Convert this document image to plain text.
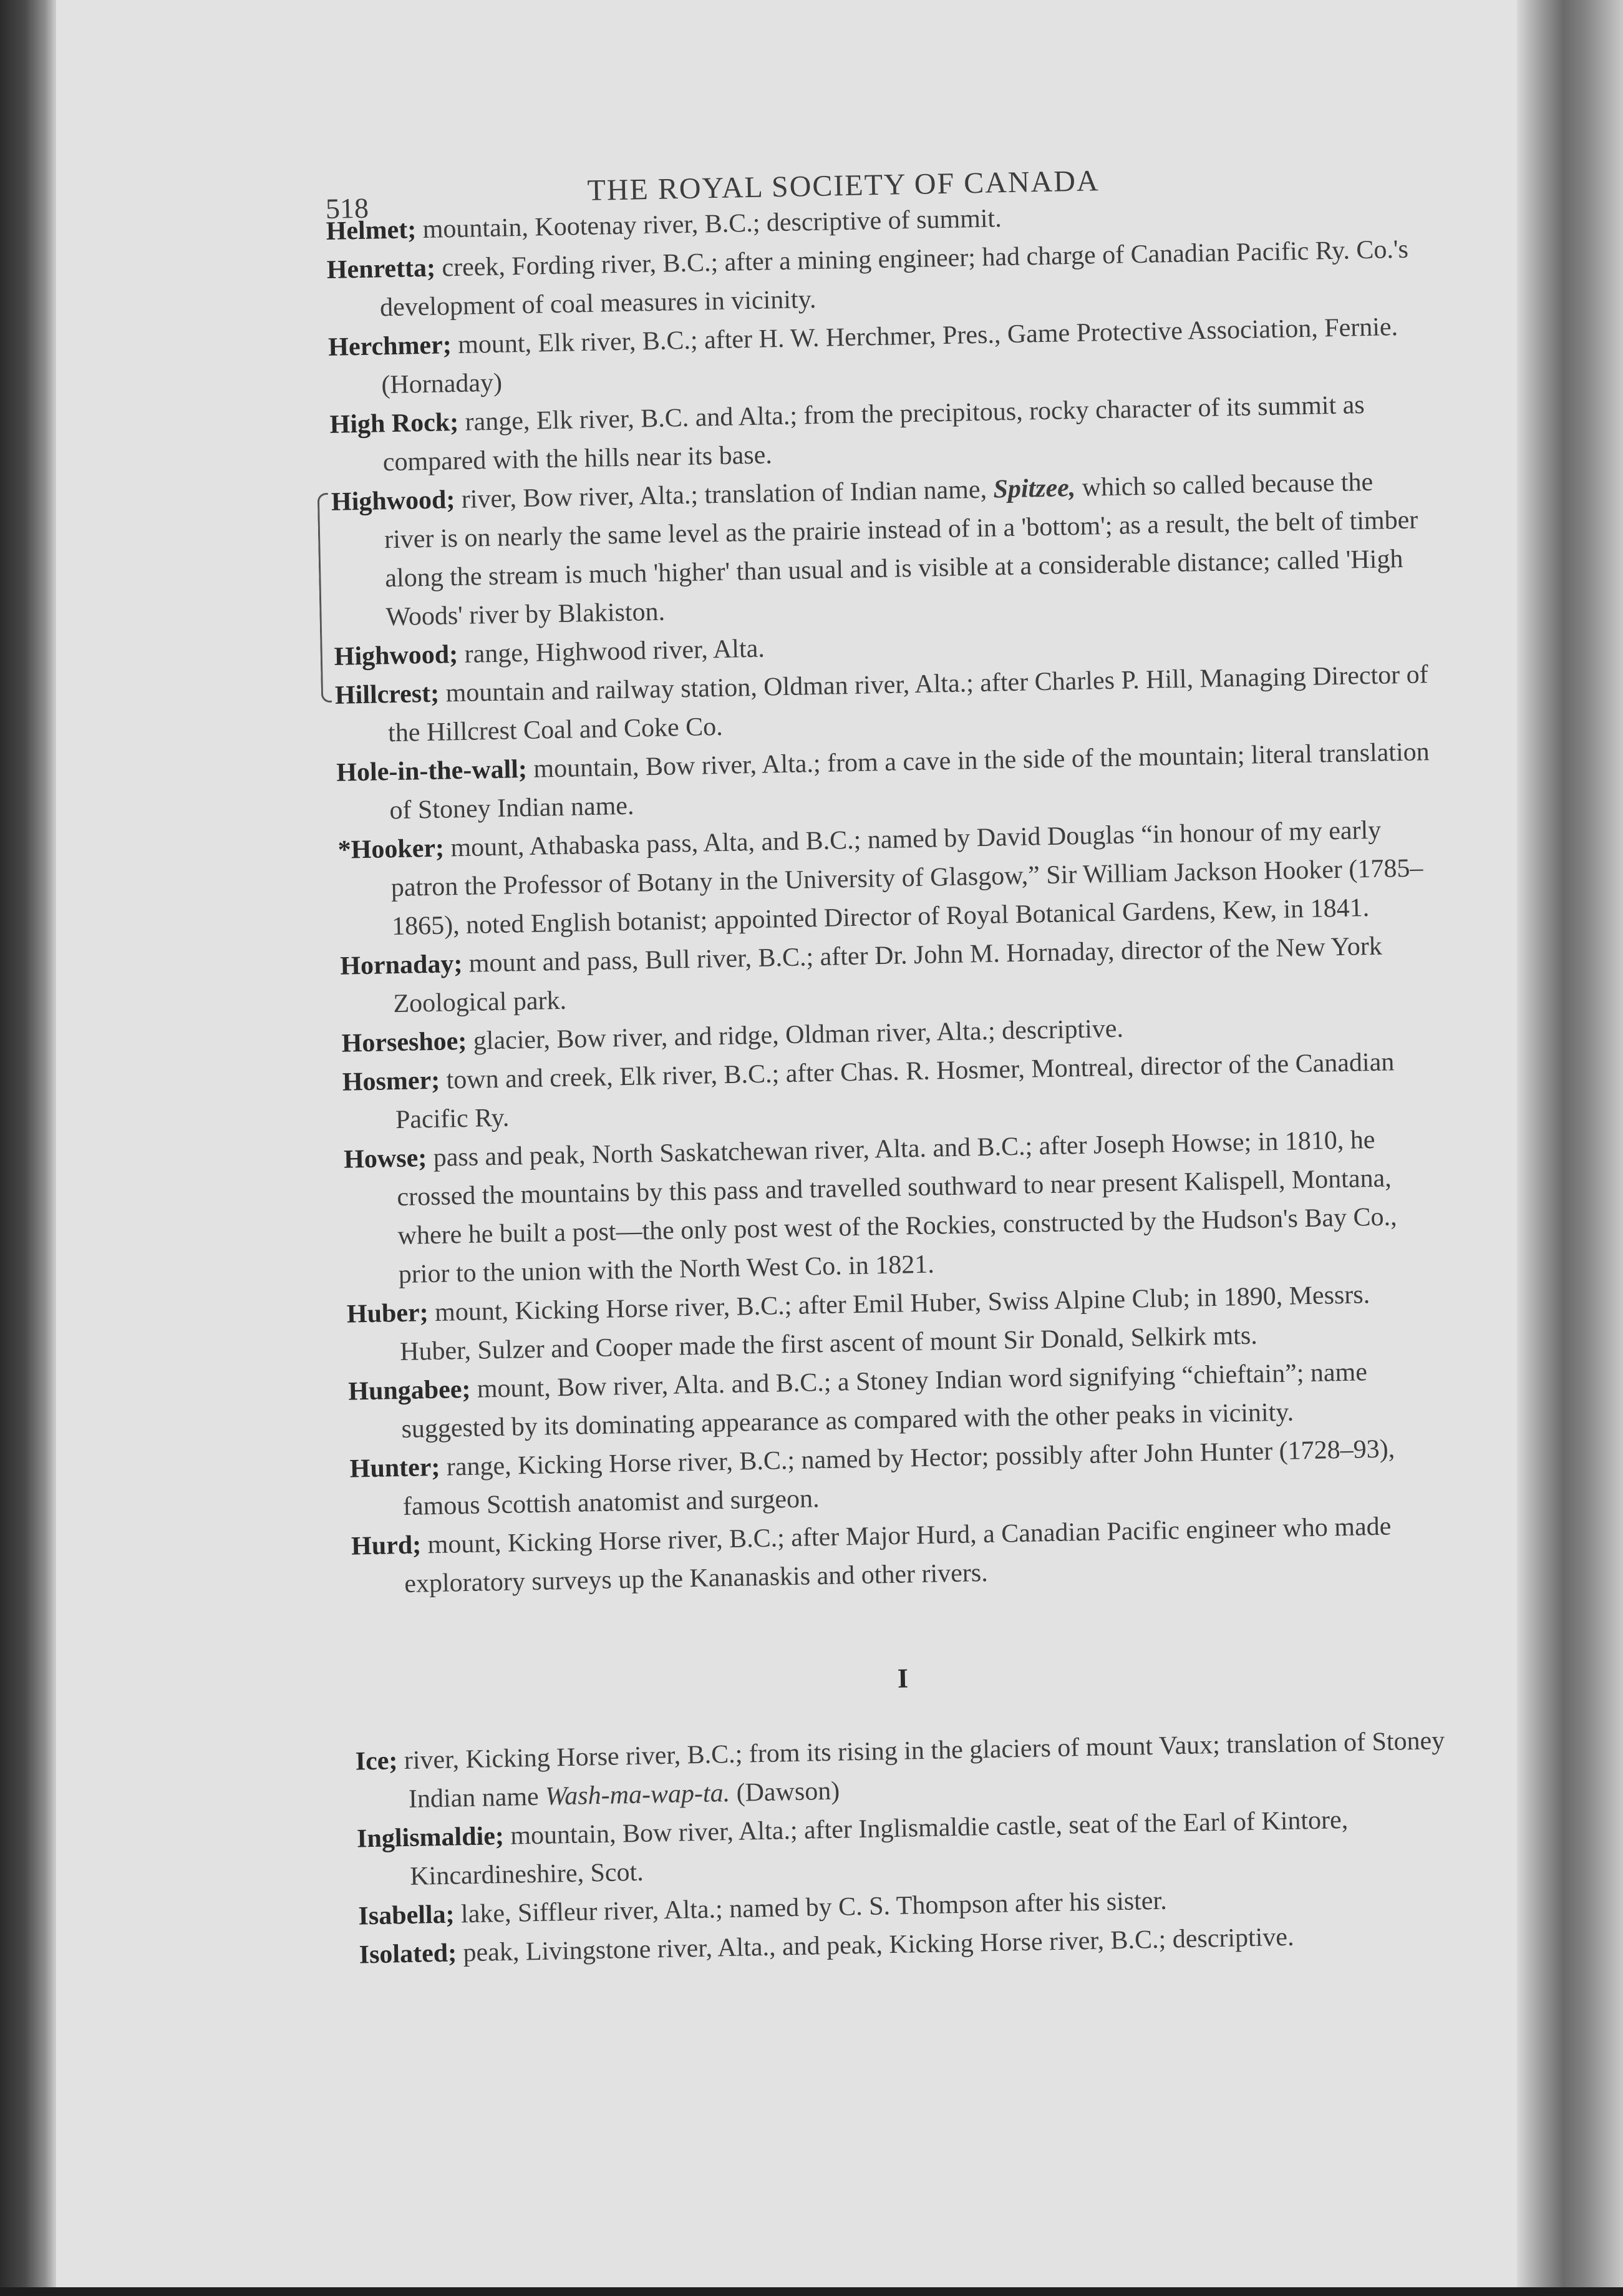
518
THE ROYAL SOCIETY OF CANADA

Helmet; mountain, Kootenay river, B.C.; descriptive of summit.

Henretta; creek, Fording river, B.C.; after a mining engineer; had charge of Canadian Pacific Ry. Co.'s development of coal measures in vicinity.

Herchmer; mount, Elk river, B.C.; after H. W. Herchmer, Pres., Game Protective Association, Fernie. (Hornaday)

High Rock; range, Elk river, B.C. and Alta.; from the precipitous, rocky character of its summit as compared with the hills near its base.

Highwood; river, Bow river, Alta.; translation of Indian name, Spitzee, which so called because the river is on nearly the same level as the prairie instead of in a 'bottom'; as a result, the belt of timber along the stream is much 'higher' than usual and is visible at a considerable distance; called 'High Woods' river by Blakiston.

Highwood; range, Highwood river, Alta.

Hillcrest; mountain and railway station, Oldman river, Alta.; after Charles P. Hill, Managing Director of the Hillcrest Coal and Coke Co.

Hole-in-the-wall; mountain, Bow river, Alta.; from a cave in the side of the mountain; literal translation of Stoney Indian name.

*Hooker; mount, Athabaska pass, Alta, and B.C.; named by David Douglas “in honour of my early patron the Professor of Botany in the University of Glasgow,” Sir William Jackson Hooker (1785–1865), noted English botanist; appointed Director of Royal Botanical Gardens, Kew, in 1841.

Hornaday; mount and pass, Bull river, B.C.; after Dr. John M. Hornaday, director of the New York Zoological park.

Horseshoe; glacier, Bow river, and ridge, Oldman river, Alta.; descriptive.

Hosmer; town and creek, Elk river, B.C.; after Chas. R. Hosmer, Montreal, director of the Canadian Pacific Ry.

Howse; pass and peak, North Saskatchewan river, Alta. and B.C.; after Joseph Howse; in 1810, he crossed the mountains by this pass and travelled southward to near present Kalispell, Montana, where he built a post—the only post west of the Rockies, constructed by the Hudson's Bay Co., prior to the union with the North West Co. in 1821.

Huber; mount, Kicking Horse river, B.C.; after Emil Huber, Swiss Alpine Club; in 1890, Messrs. Huber, Sulzer and Cooper made the first ascent of mount Sir Donald, Selkirk mts.

Hungabee; mount, Bow river, Alta. and B.C.; a Stoney Indian word signifying “chieftain”; name suggested by its dominating appearance as compared with the other peaks in vicinity.

Hunter; range, Kicking Horse river, B.C.; named by Hector; possibly after John Hunter (1728–93), famous Scottish anatomist and surgeon.

Hurd; mount, Kicking Horse river, B.C.; after Major Hurd, a Canadian Pacific engineer who made exploratory surveys up the Kananaskis and other rivers.

I

Ice; river, Kicking Horse river, B.C.; from its rising in the glaciers of mount Vaux; translation of Stoney Indian name Wash-ma-wap-ta. (Dawson)

Inglismaldie; mountain, Bow river, Alta.; after Inglismaldie castle, seat of the Earl of Kintore, Kincardineshire, Scot.

Isabella; lake, Siffleur river, Alta.; named by C. S. Thompson after his sister.

Isolated; peak, Livingstone river, Alta., and peak, Kicking Horse river, B.C.; descriptive.
